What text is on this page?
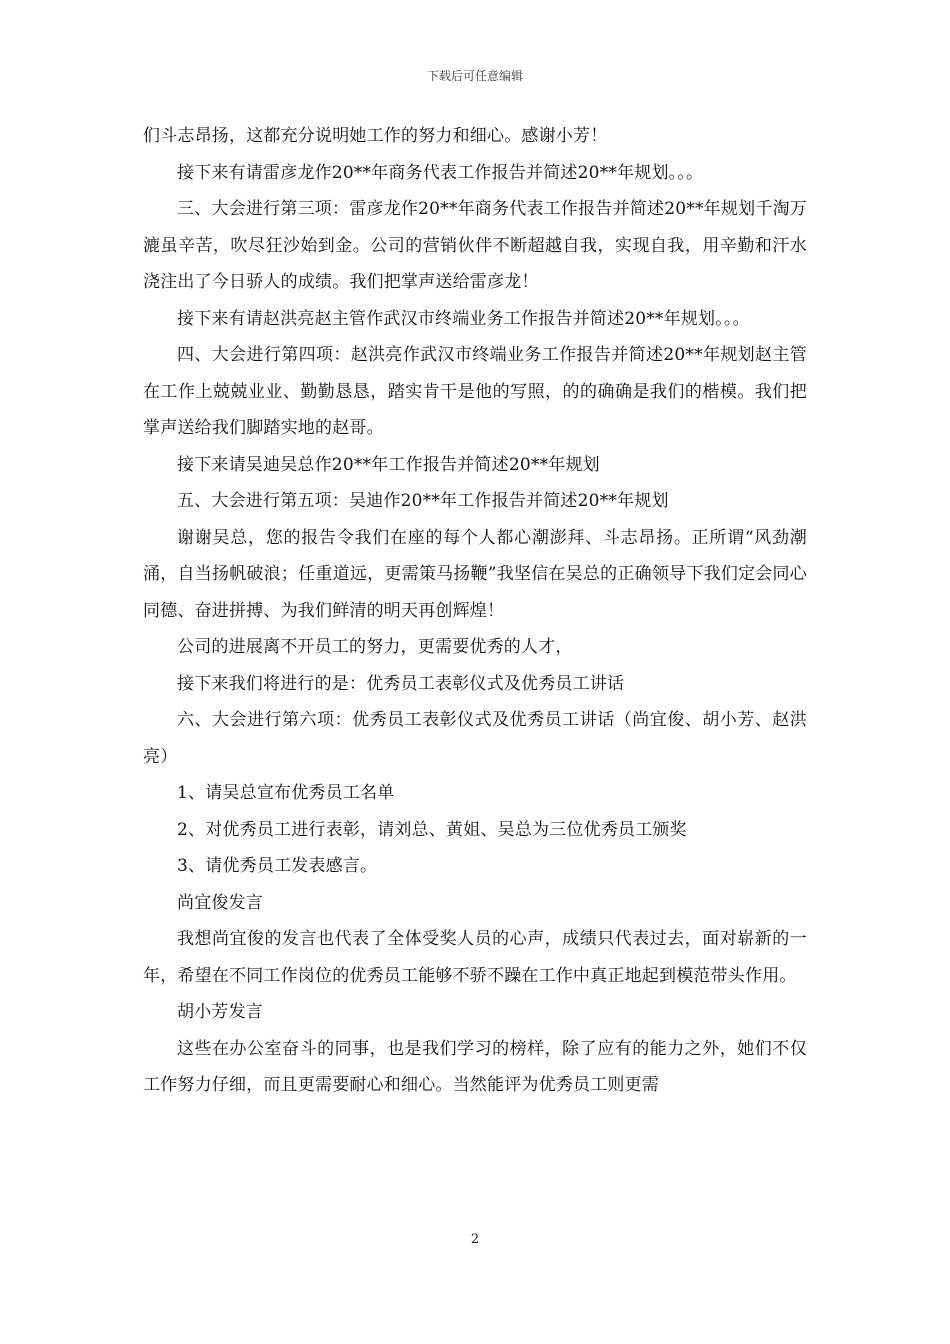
下载后可任意编辑

们斗志昂扬，这都充分说明她工作的努力和细心。感谢小芳！

接下来有请雷彦龙作20**年商务代表工作报告并简述20**年规划。。。

三、大会进行第三项：雷彦龙作20**年商务代表工作报告并简述20**年规划千淘万漉虽辛苦，吹尽狂沙始到金。公司的营销伙伴不断超越自我，实现自我，用辛勤和汗水浇注出了今日骄人的成绩。我们把掌声送给雷彦龙！

接下来有请赵洪亮赵主管作武汉市终端业务工作报告并简述20**年规划。。。

四、大会进行第四项：赵洪亮作武汉市终端业务工作报告并简述20**年规划赵主管在工作上兢兢业业、勤勤恳恳，踏实肯干是他的写照，的的确确是我们的楷模。我们把掌声送给我们脚踏实地的赵哥。

接下来请吴迪吴总作20**年工作报告并简述20**年规划

五、大会进行第五项：吴迪作20**年工作报告并简述20**年规划

谢谢吴总，您的报告令我们在座的每个人都心潮澎拜、斗志昂扬。正所谓“风劲潮涌，自当扬帆破浪；任重道远，更需策马扬鞭”我坚信在吴总的正确领导下我们定会同心同德、奋进拼搏、为我们鲜清的明天再创辉煌！

公司的进展离不开员工的努力，更需要优秀的人才，

接下来我们将进行的是：优秀员工表彰仪式及优秀员工讲话

六、大会进行第六项：优秀员工表彰仪式及优秀员工讲话（尚宜俊、胡小芳、赵洪亮）

1、请吴总宣布优秀员工名单

2、对优秀员工进行表彰，请刘总、黄姐、吴总为三位优秀员工颁奖

3、请优秀员工发表感言。

尚宜俊发言

我想尚宜俊的发言也代表了全体受奖人员的心声，成绩只代表过去，面对崭新的一年，希望在不同工作岗位的优秀员工能够不骄不躁在工作中真正地起到模范带头作用。

胡小芳发言

这些在办公室奋斗的同事，也是我们学习的榜样，除了应有的能力之外，她们不仅工作努力仔细，而且更需要耐心和细心。当然能评为优秀员工则更需

2
